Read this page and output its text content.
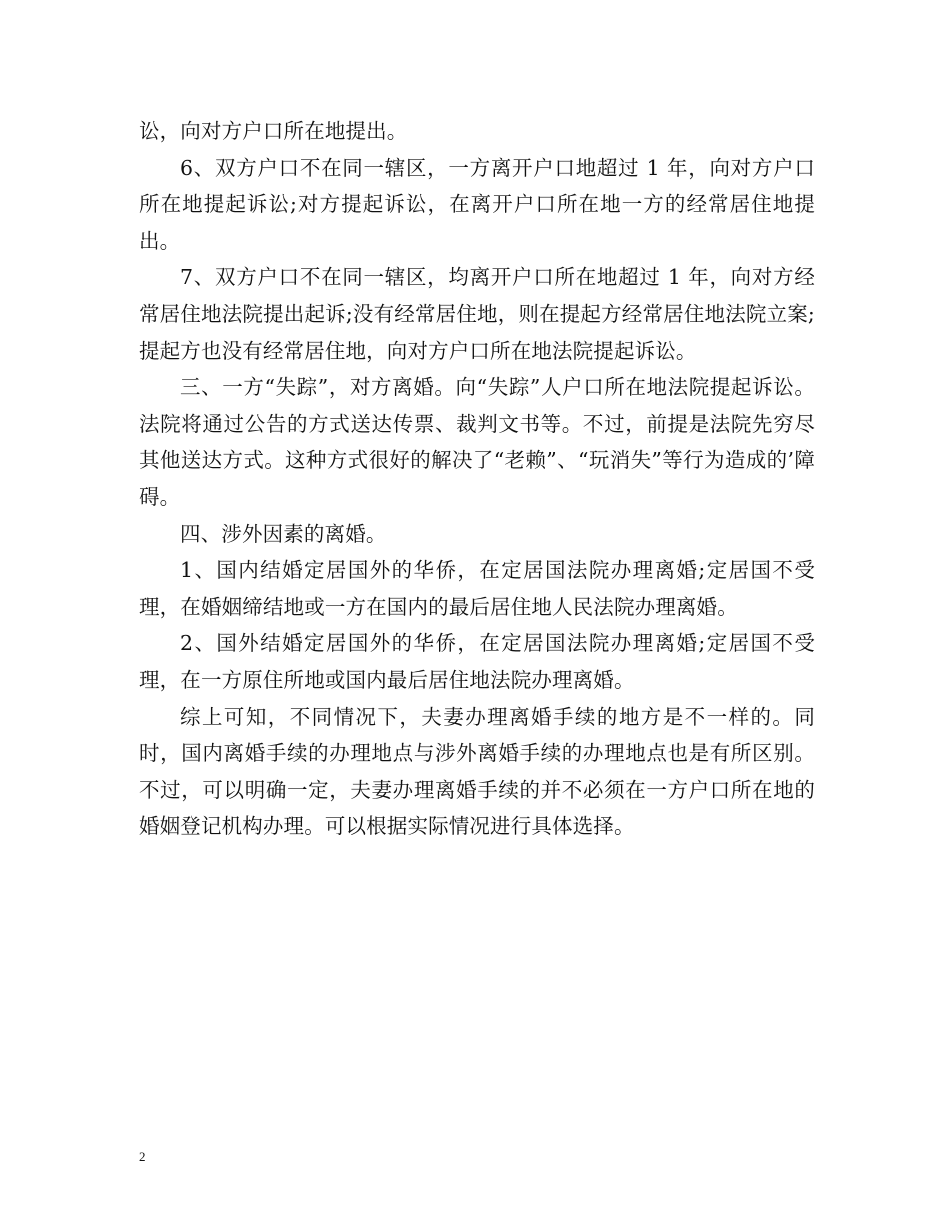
讼，向对方户口所在地提出。

6、双方户口不在同一辖区，一方离开户口地超过 1 年，向对方户口所在地提起诉讼;对方提起诉讼，在离开户口所在地一方的经常居住地提出。

7、双方户口不在同一辖区，均离开户口所在地超过 1 年，向对方经常居住地法院提出起诉;没有经常居住地，则在提起方经常居住地法院立案;提起方也没有经常居住地，向对方户口所在地法院提起诉讼。

三、一方“失踪”，对方离婚。向“失踪”人户口所在地法院提起诉讼。法院将通过公告的方式送达传票、裁判文书等。不过，前提是法院先穷尽其他送达方式。这种方式很好的解决了“老赖”、“玩消失”等行为造成的’障碍。

四、涉外因素的离婚。

1、国内结婚定居国外的华侨，在定居国法院办理离婚;定居国不受理，在婚姻缔结地或一方在国内的最后居住地人民法院办理离婚。

2、国外结婚定居国外的华侨，在定居国法院办理离婚;定居国不受理，在一方原住所地或国内最后居住地法院办理离婚。

综上可知，不同情况下，夫妻办理离婚手续的地方是不一样的。同时，国内离婚手续的办理地点与涉外离婚手续的办理地点也是有所区别。不过，可以明确一定，夫妻办理离婚手续的并不必须在一方户口所在地的婚姻登记机构办理。可以根据实际情况进行具体选择。

2
